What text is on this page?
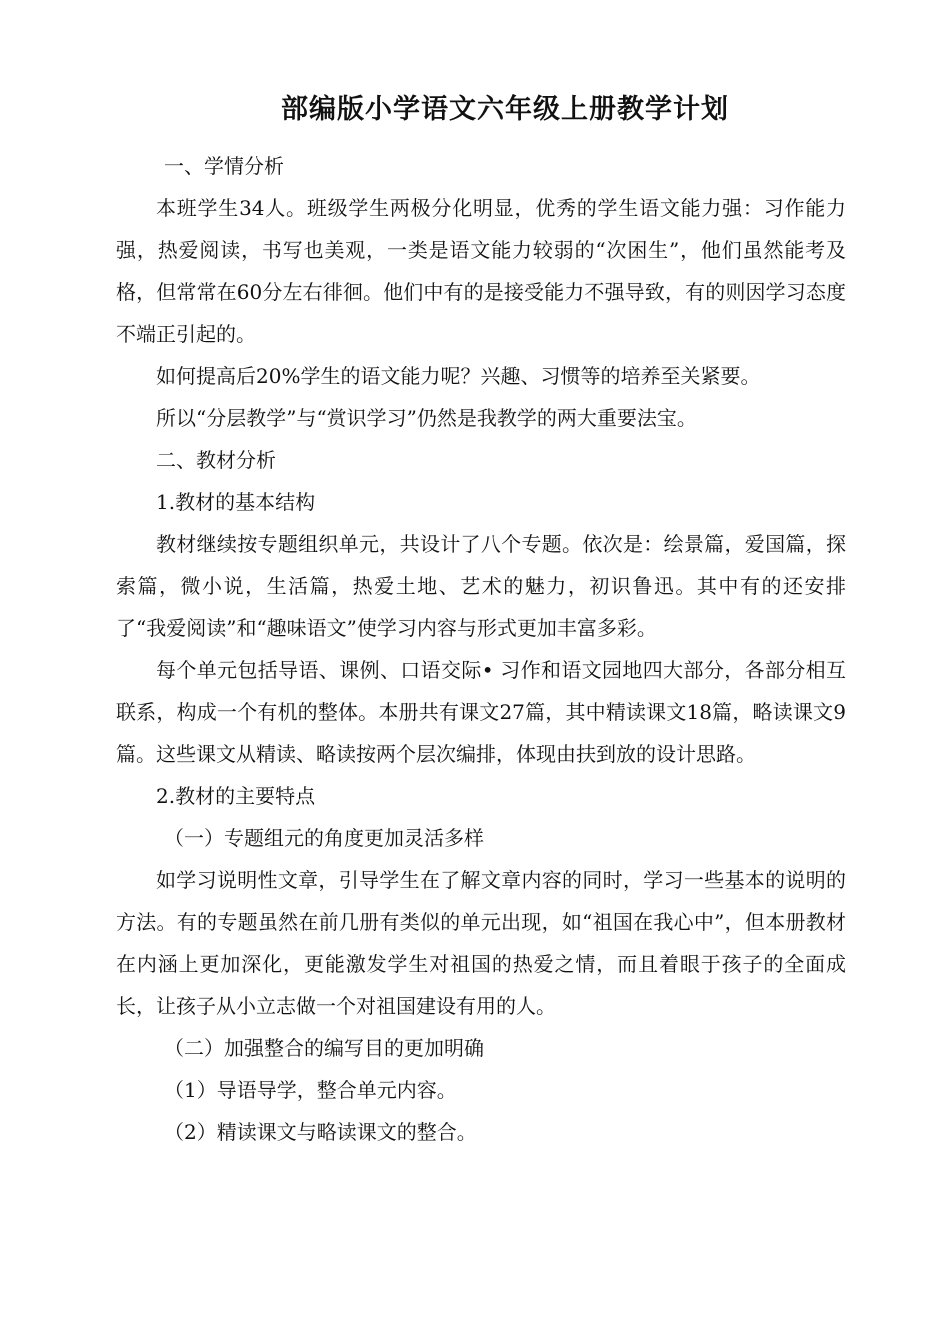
部编版小学语文六年级上册教学计划

一、学情分析

本班学生34人。班级学生两极分化明显，优秀的学生语文能力强：习作能力强，热爱阅读，书写也美观，一类是语文能力较弱的“次困生”，他们虽然能考及格，但常常在60分左右徘徊。他们中有的是接受能力不强导致，有的则因学习态度不端正引起的。

如何提高后20%学生的语文能力呢？兴趣、习惯等的培养至关紧要。

所以“分层教学”与“赏识学习”仍然是我教学的两大重要法宝。

二、教材分析

1.教材的基本结构

教材继续按专题组织单元，共设计了八个专题。依次是：绘景篇，爱国篇，探索篇，微小说，生活篇，热爱土地、艺术的魅力，初识鲁迅。其中有的还安排了“我爱阅读”和“趣味语文”使学习内容与形式更加丰富多彩。

每个单元包括导语、课例、口语交际• 习作和语文园地四大部分，各部分相互联系，构成一个有机的整体。本册共有课文27篇，其中精读课文18篇，略读课文9篇。这些课文从精读、略读按两个层次编排，体现由扶到放的设计思路。

2.教材的主要特点

（一）专题组元的角度更加灵活多样

如学习说明性文章，引导学生在了解文章内容的同时，学习一些基本的说明的方法。有的专题虽然在前几册有类似的单元出现，如“祖国在我心中”，但本册教材在内涵上更加深化，更能激发学生对祖国的热爱之情，而且着眼于孩子的全面成长，让孩子从小立志做一个对祖国建设有用的人。

（二）加强整合的编写目的更加明确

（1）导语导学，整合单元内容。

（2）精读课文与略读课文的整合。
